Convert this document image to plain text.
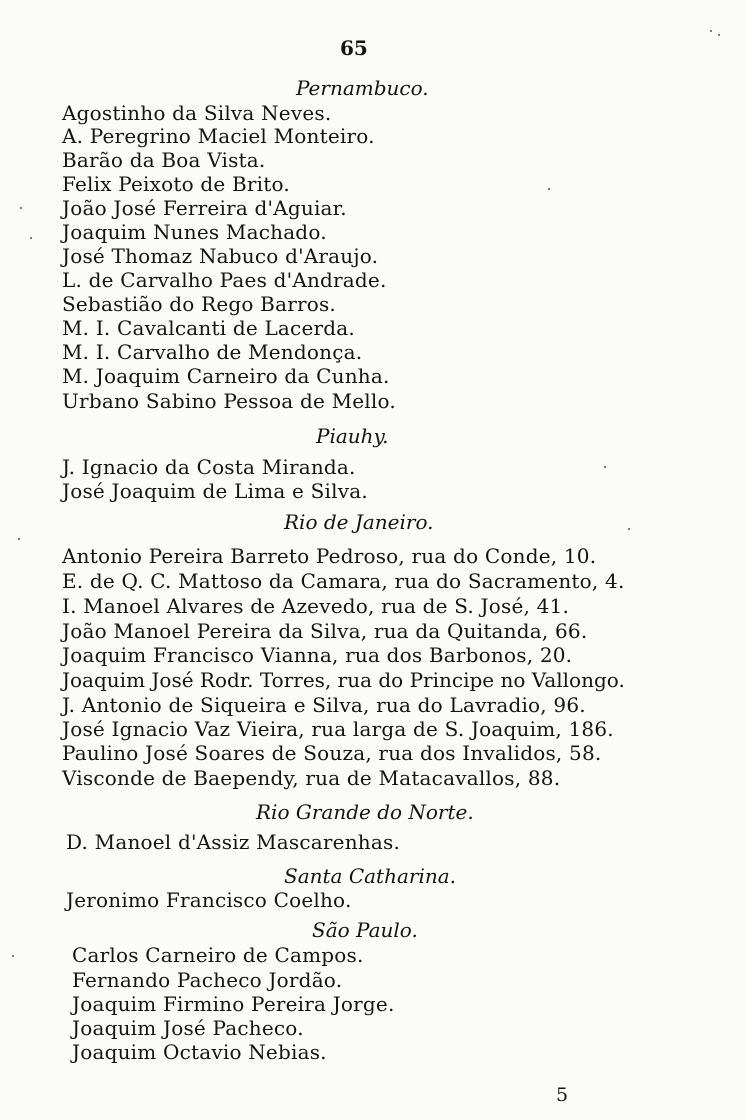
65
Pernambuco.
Agostinho da Silva Neves.
A. Peregrino Maciel Monteiro.
Barão da Boa Vista.
Felix Peixoto de Brito.
João José Ferreira d'Aguiar.
Joaquim Nunes Machado.
José Thomaz Nabuco d'Araujo.
L. de Carvalho Paes d'Andrade.
Sebastião do Rego Barros.
M. I. Cavalcanti de Lacerda.
M. I. Carvalho de Mendonça.
M. Joaquim Carneiro da Cunha.
Urbano Sabino Pessoa de Mello.
Piauhy.
J. Ignacio da Costa Miranda.
José Joaquim de Lima e Silva.
Rio de Janeiro.
Antonio Pereira Barreto Pedroso, rua do Conde, 10.
E. de Q. C. Mattoso da Camara, rua do Sacramento, 4.
I. Manoel Alvares de Azevedo, rua de S. José, 41.
João Manoel Pereira da Silva, rua da Quitanda, 66.
Joaquim Francisco Vianna, rua dos Barbonos, 20.
Joaquim José Rodr. Torres, rua do Principe no Vallongo.
J. Antonio de Siqueira e Silva, rua do Lavradio, 96.
José Ignacio Vaz Vieira, rua larga de S. Joaquim, 186.
Paulino José Soares de Souza, rua dos Invalidos, 58.
Visconde de Baependy, rua de Matacavallos, 88.
Rio Grande do Norte.
D. Manoel d'Assiz Mascarenhas.
Santa Catharina.
Jeronimo Francisco Coelho.
São Paulo.
Carlos Carneiro de Campos.
Fernando Pacheco Jordão.
Joaquim Firmino Pereira Jorge.
Joaquim José Pacheco.
Joaquim Octavio Nebias.
5
